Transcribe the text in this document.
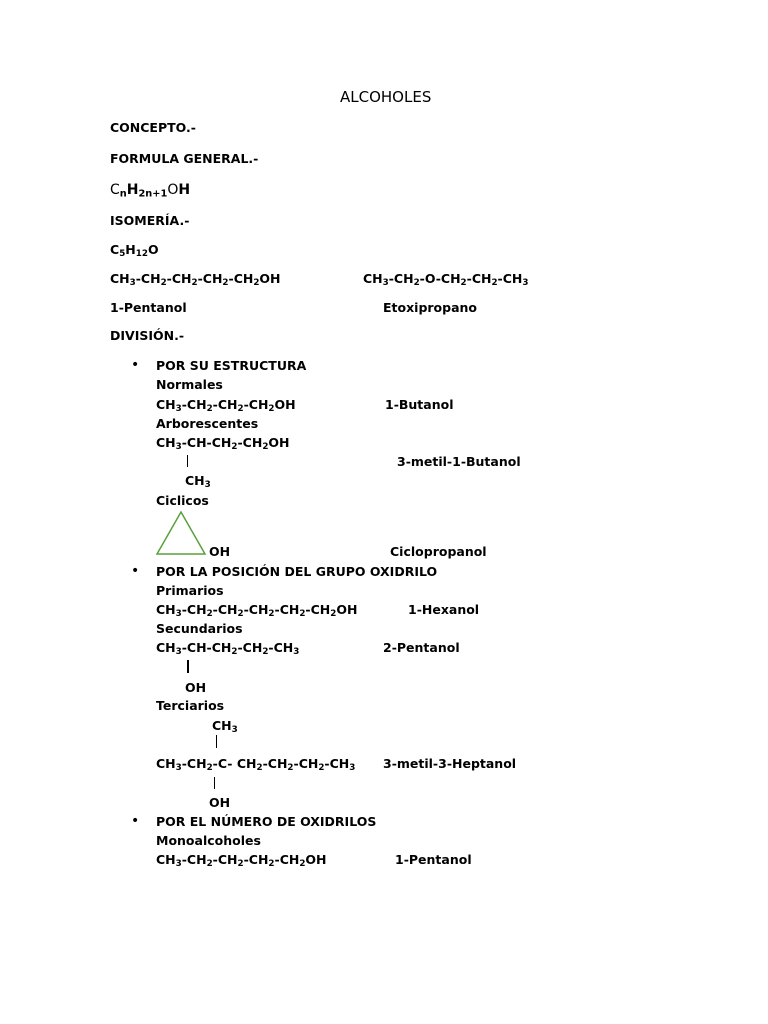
ALCOHOLES
CONCEPTO.-
FORMULA GENERAL.-
$C_nH_{2n+1}OH$
ISOMERÍA.-
$C_5H_{12}O$
$CH_3-CH_2-CH_2-CH_2-CH_2OH$	$CH_3-CH_2-O-CH_2-CH_2-CH_3$
1-Pentanol	Etoxipropano
DIVISIÓN.-
• POR SU ESTRUCTURA
Normales
$CH_3-CH_2-CH_2-CH_2OH$	1-Butanol
Arborescentes
$CH_3-CH-CH_2-CH_2OH$
3-metil-1-Butanol
$CH_3$
Ciclicos
OH	Ciclopropanol
• POR LA POSICIÓN DEL GRUPO OXIDRILO
Primarios
$CH_3-CH_2-CH_2-CH_2-CH_2-CH_2OH$	1-Hexanol
Secundarios
$CH_3-CH-CH_2-CH_2-CH_3$	2-Pentanol
OH
Terciarios
$CH_3$
$CH_3-CH_2-C-$ $CH_2-CH_2-CH_2-CH_3$ 3-metil-3-Heptanol
OH
• POR EL NÚMERO DE OXIDRILOS
Monoalcoholes
$CH_3-CH_2-CH_2-CH_2-CH_2OH$	1-Pentanol
